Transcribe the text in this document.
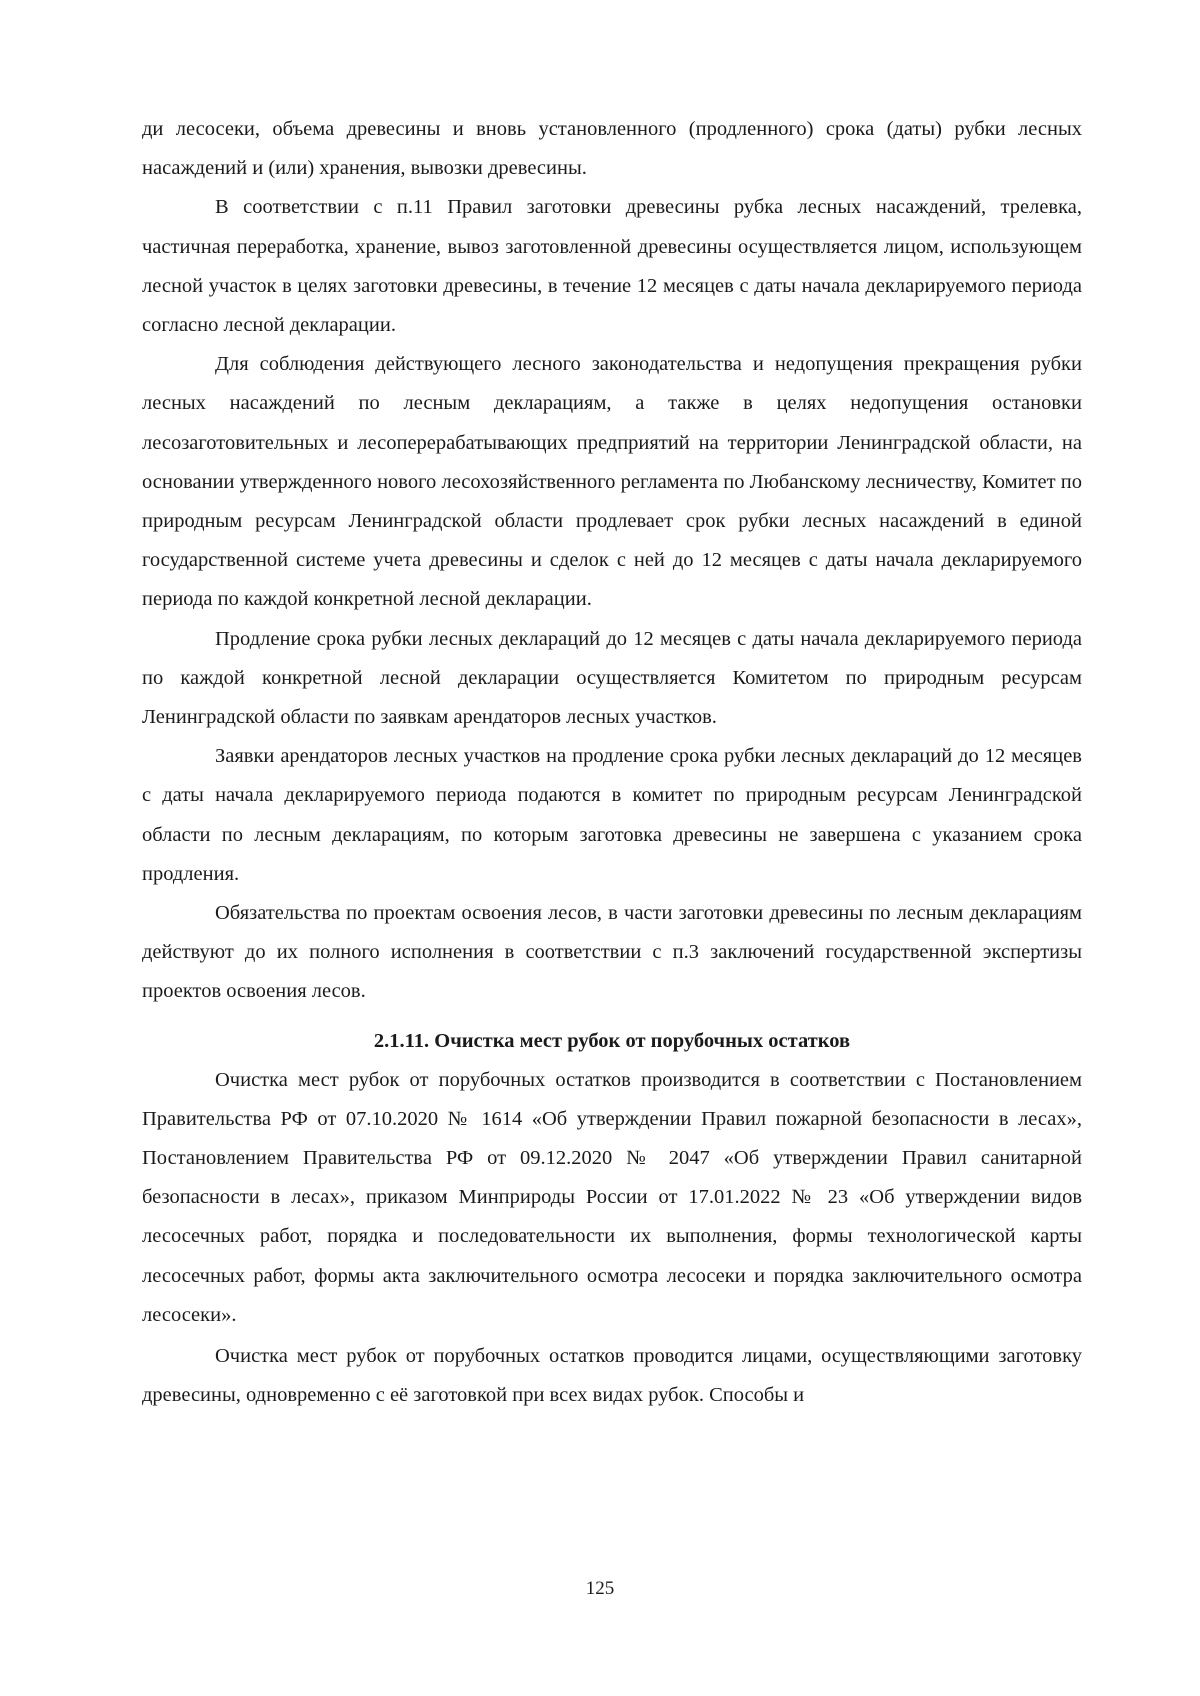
ди лесосеки, объема древесины и вновь установленного (продленного) срока (даты) рубки лесных насаждений и (или) хранения, вывозки древесины.

В соответствии с п.11 Правил заготовки древесины рубка лесных насаждений, трелевка, частичная переработка, хранение, вывоз заготовленной древесины осуществляется лицом, использующем лесной участок в целях заготовки древесины, в течение 12 месяцев с даты начала декларируемого периода согласно лесной декларации.

Для соблюдения действующего лесного законодательства и недопущения прекращения рубки лесных насаждений по лесным декларациям, а также в целях недопущения остановки лесозаготовительных и лесоперерабатывающих предприятий на территории Ленинградской области, на основании утвержденного нового лесохозяйственного регламента по Любанскому лесничеству, Комитет по природным ресурсам Ленинградской области продлевает срок рубки лесных насаждений в единой государственной системе учета древесины и сделок с ней до 12 месяцев с даты начала декларируемого периода по каждой конкретной лесной декларации.

Продление срока рубки лесных деклараций до 12 месяцев с даты начала декларируемого периода по каждой конкретной лесной декларации осуществляется Комитетом по природным ресурсам Ленинградской области по заявкам арендаторов лесных участков.

Заявки арендаторов лесных участков на продление срока рубки лесных деклараций до 12 месяцев с даты начала декларируемого периода подаются в комитет по природным ресурсам Ленинградской области по лесным декларациям, по которым заготовка древесины не завершена с указанием срока продления.

Обязательства по проектам освоения лесов, в части заготовки древесины по лесным декларациям действуют до их полного исполнения в соответствии с п.3 заключений государственной экспертизы проектов освоения лесов.

2.1.11. Очистка мест рубок от порубочных остатков

Очистка мест рубок от порубочных остатков производится в соответствии с Постановлением Правительства РФ от 07.10.2020 № 1614 «Об утверждении Правил пожарной безопасности в лесах», Постановлением Правительства РФ от 09.12.2020 № 2047 «Об утверждении Правил санитарной безопасности в лесах», приказом Минприроды России от 17.01.2022 № 23 «Об утверждении видов лесосечных работ, порядка и последовательности их выполнения, формы технологической карты лесосечных работ, формы акта заключительного осмотра лесосеки и порядка заключительного осмотра лесосеки».

Очистка мест рубок от порубочных остатков проводится лицами, осуществляющими заготовку древесины, одновременно с её заготовкой при всех видах рубок. Способы и

125
